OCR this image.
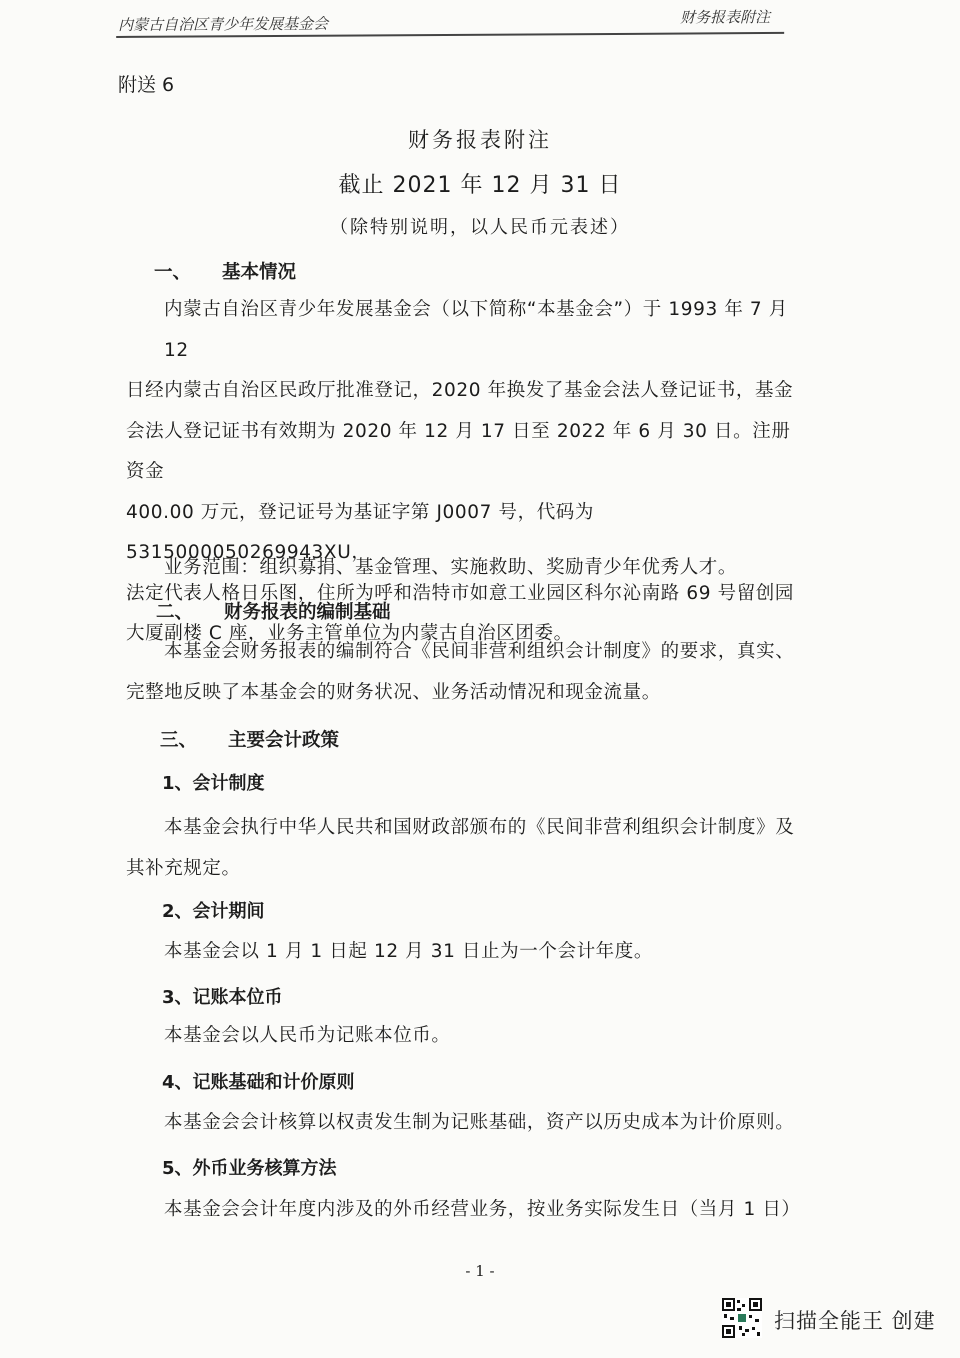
内蒙古自治区青少年发展基金会	财务报表附注
附送 6
财务报表附注
截止 2021 年 12 月 31 日
（除特别说明，以人民币元表述）
一、 基本情况
内蒙古自治区青少年发展基金会（以下简称“本基金会”）于 1993 年 7 月 12
日经内蒙古自治区民政厅批准登记，2020 年换发了基金会法人登记证书，基金
会法人登记证书有效期为 2020 年 12 月 17 日至 2022 年 6 月 30 日。注册资金
400.00 万元，登记证号为基证字第 J0007 号，代码为 5315000050269943XU，
法定代表人格日乐图，住所为呼和浩特市如意工业园区科尔沁南路 69 号留创园
大厦副楼 C 座，业务主管单位为内蒙古自治区团委。
业务范围：组织募捐、基金管理、实施救助、奖励青少年优秀人才。
二、 财务报表的编制基础
本基金会财务报表的编制符合《民间非营利组织会计制度》的要求，真实、
完整地反映了本基金会的财务状况、业务活动情况和现金流量。
三、 主要会计政策
1、会计制度
本基金会执行中华人民共和国财政部颁布的《民间非营利组织会计制度》及
其补充规定。
2、会计期间
本基金会以 1 月 1 日起 12 月 31 日止为一个会计年度。
3、记账本位币
本基金会以人民币为记账本位币。
4、记账基础和计价原则
本基金会会计核算以权责发生制为记账基础，资产以历史成本为计价原则。
5、外币业务核算方法
本基金会会计年度内涉及的外币经营业务，按业务实际发生日（当月 1 日）
- 1 -
扫描全能王 创建
